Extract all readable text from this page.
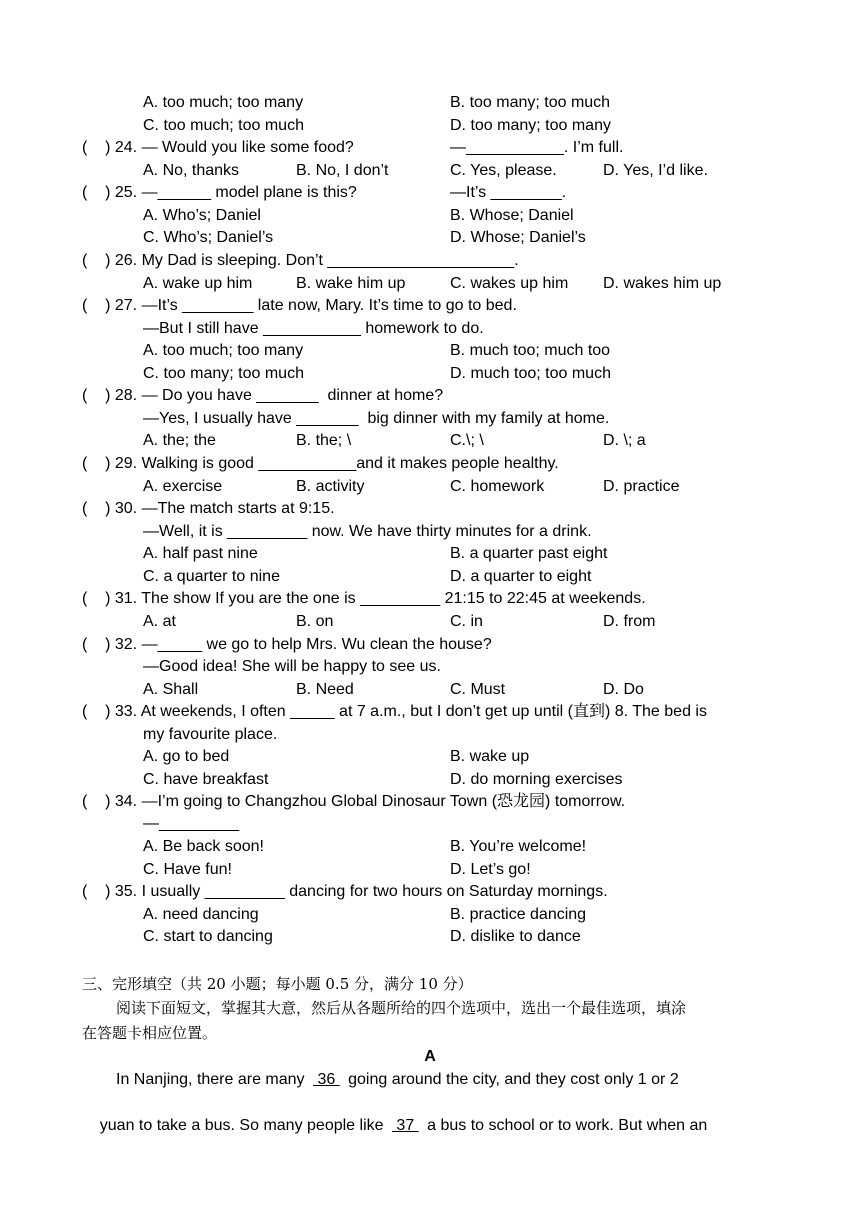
A. too much; too many	B. too many; too much
C. too much; too much	D. too many; too many
(    ) 24. — Would you like some food?	—___________. I’m full.
A. No, thanks	B. No, I don’t	C. Yes, please.	D. Yes, I’d like.
(    ) 25. —______ model plane is this?	—It’s ________.
A. Who’s; Daniel	B. Whose; Daniel
C. Who’s; Daniel’s	D. Whose; Daniel’s
(    ) 26. My Dad is sleeping. Don’t _____________________.
A. wake up him	B. wake him up	C. wakes up him D. wakes him up
(    ) 27. —It’s ________ late now, Mary. It’s time to go to bed.
—But I still have ___________ homework to do.
A. too much; too many	B. much too; much too
C. too many; too much	D. much too; too much
(    ) 28. — Do you have _______  dinner at home?
—Yes, I usually have _______  big dinner with my family at home.
A. the; the	B. the; \	C.\; \	D. \; a
(    ) 29. Walking is good ___________and it makes people healthy.
A. exercise	B. activity	C. homework	D. practice
(    ) 30. —The match starts at 9:15.
—Well, it is _________ now. We have thirty minutes for a drink.
A. half past nine	B. a quarter past eight
C. a quarter to nine	D. a quarter to eight
(    ) 31. The show If you are the one is _________ 21:15 to 22:45 at weekends.
A. at	B. on	C. in	D. from
(    ) 32. —_____ we go to help Mrs. Wu clean the house?
—Good idea! She will be happy to see us.
A. Shall	B. Need	C. Must	D. Do
(    ) 33. At weekends, I often _____ at 7 a.m., but I don’t get up until (直到) 8. The bed is
my favourite place.
A. go to bed	B. wake up
C. have breakfast	D. do morning exercises
(    ) 34. —I’m going to Changzhou Global Dinosaur Town (恐龙园) tomorrow.
—_________
A. Be back soon!	B. You’re welcome!
C. Have fun!	D. Let’s go!
(    ) 35. I usually _________ dancing for two hours on Saturday mornings.
A. need dancing	B. practice dancing
C. start to dancing	D. dislike to dance
三、完形填空（共 20 小题；每小题 0.5 分，满分 10 分）
阅读下面短文，掌握其大意，然后从各题所给的四个选项中，选出一个最佳选项，填涂
在答题卡相应位置。
A
In Nanjing, there are many  36  going around the city, and they cost only 1 or 2

yuan to take a bus. So many people like  37  a bus to school or to work. But when an
